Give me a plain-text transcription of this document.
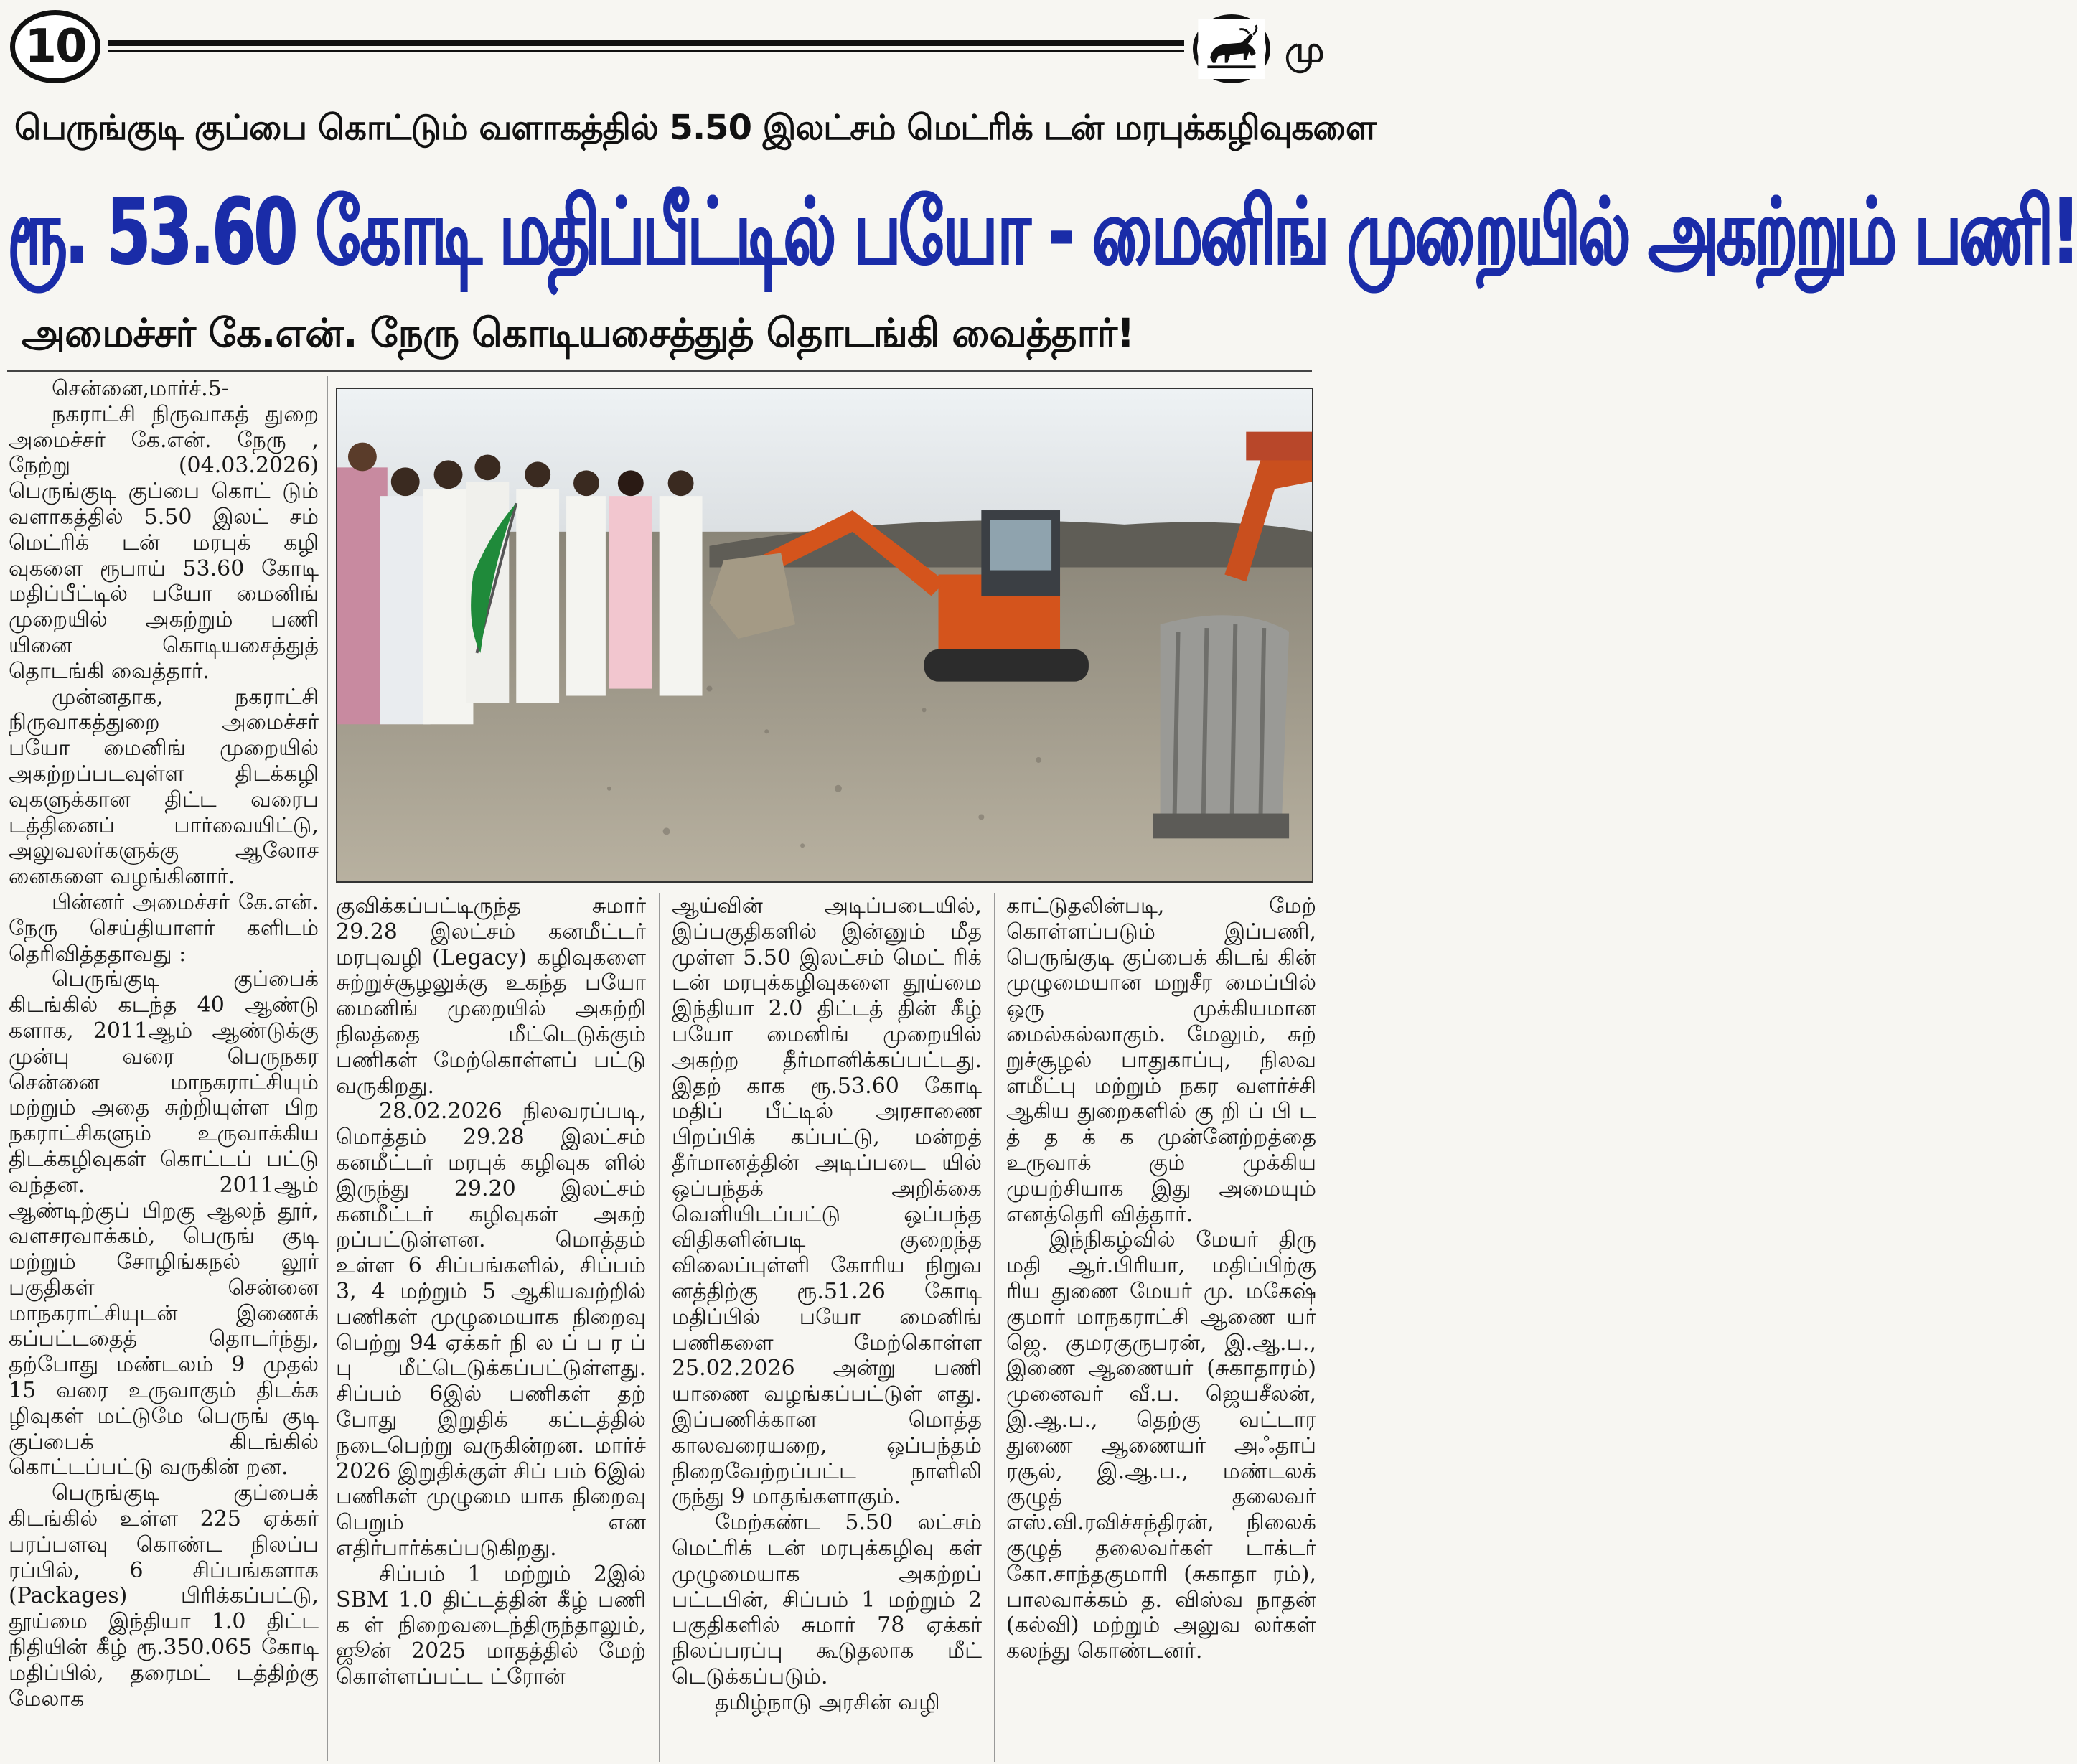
10	மு
பெருங்குடி குப்பை கொட்டும் வளாகத்தில் 5.50 இலட்சம் மெட்ரிக் டன் மரபுக்கழிவுகளை
ரூ. 53.60 கோடி மதிப்பீட்டில் பயோ - மைனிங் முறையில் அகற்றும் பணி!
அமைச்சர் கே.என். நேரு கொடியசைத்துத் தொடங்கி வைத்தார்!

சென்னை,மார்ச்.5-

நகராட்சி நிருவாகத் துறை அமைச்சர் கே.என். நேரு , நேற்று (04.03.2026) பெருங்குடி குப்பை கொட் டும் வளாகத்தில் 5.50 இலட் சம் மெட்ரிக் டன் மரபுக் கழி வுகளை ரூபாய் 53.60 கோடி மதிப்பீட்டில் பயோ மைனிங் முறையில் அகற்றும் பணி யினை கொடியசைத்துத் தொடங்கி வைத்தார்.

முன்னதாக, நகராட்சி நிருவாகத்துறை அமைச்சர் பயோ மைனிங் முறையில் அகற்றப்படவுள்ள திடக்கழி வுகளுக்கான திட்ட வரைப டத்தினைப் பார்வையிட்டு, அலுவலர்களுக்கு ஆலோச னைகளை வழங்கினார்.

பின்னர் அமைச்சர் கே.என். நேரு செய்தியாளர் களிடம் தெரிவித்ததாவது :

பெருங்குடி குப்பைக் கிடங்கில் கடந்த 40 ஆண்டு களாக, 2011ஆம் ஆண்டுக்கு முன்பு வரை பெருநகர சென்னை மாநகராட்சியும் மற்றும் அதை சுற்றியுள்ள பிற நகராட்சிகளும் உருவாக்கிய திடக்கழிவுகள் கொட்டப் பட்டு வந்தன. 2011ஆம் ஆண்டிற்குப் பிறகு ஆலந் தூர், வளசரவாக்கம், பெருங் குடி மற்றும் சோழிங்கநல் லூர் பகுதிகள் சென்னை மாநகராட்சியுடன் இணைக் கப்பட்டதைத் தொடர்ந்து, தற்போது மண்டலம் 9 முதல் 15 வரை உருவாகும் திடக்க ழிவுகள் மட்டுமே பெருங் குடி குப்பைக் கிடங்கில் கொட்டப்பட்டு வருகின் றன.

பெருங்குடி குப்பைக் கிடங்கில் உள்ள 225 ஏக்கர் பரப்பளவு கொண்ட நிலப்ப ரப்பில், 6 சிப்பங்களாக (Packages) பிரிக்கப்பட்டு, தூய்மை இந்தியா 1.0 திட்ட நிதியின் கீழ் ரூ.350.065 கோடி மதிப்பில், தரைமட் டத்திற்கு மேலாக

குவிக்கப்பட்டிருந்த சுமார் 29.28 இலட்சம் கனமீட்டர் மரபுவழி (Legacy) கழிவுகளை சுற்றுச்சூழலுக்கு உகந்த பயோ மைனிங் முறையில் அகற்றி நிலத்தை மீட்டெடுக்கும் பணிகள் மேற்கொள்ளப் பட்டு வருகிறது.

28.02.2026 நிலவரப்படி, மொத்தம் 29.28 இலட்சம் கனமீட்டர் மரபுக் கழிவுக ளில் இருந்து 29.20 இலட்சம் கனமீட்டர் கழிவுகள் அகற் றப்பட்டுள்ளன. மொத்தம் உள்ள 6 சிப்பங்களில், சிப்பம் 3, 4 மற்றும் 5 ஆகியவற்றில் பணிகள் முழுமையாக நிறைவு பெற்று 94 ஏக்கர் நி ல ப் ப ர ப் பு மீட்டெடுக்கப்பட்டுள்ளது. சிப்பம் 6இல் பணிகள் தற் போது இறுதிக் கட்டத்தில் நடைபெற்று வருகின்றன. மார்ச் 2026 இறுதிக்குள் சிப் பம் 6இல் பணிகள் முழுமை யாக நிறைவு பெறும் என எதிர்பார்க்கப்படுகிறது.

சிப்பம் 1 மற்றும் 2இல் SBM 1.0 திட்டத்தின் கீழ் பணி க ள் நிறைவடைந்திருந்தாலும், ஜூன் 2025 மாதத்தில் மேற் கொள்ளப்பட்ட ட்ரோன்

ஆய்வின் அடிப்படையில், இப்பகுதிகளில் இன்னும் மீத முள்ள 5.50 இலட்சம் மெட் ரிக் டன் மரபுக்கழிவுகளை தூய்மை இந்தியா 2.0 திட்டத் தின் கீழ் பயோ மைனிங் முறையில் அகற்ற தீர்மானிக்கப்பட்டது. இதற் காக ரூ.53.60 கோடி மதிப் பீட்டில் அரசாணை பிறப்பிக் கப்பட்டு, மன்றத் தீர்மானத்தின் அடிப்படை யில் ஒப்பந்தக் அறிக்கை வெளியிடப்பட்டு ஒப்பந்த விதிகளின்படி குறைந்த விலைப்புள்ளி கோரிய நிறுவ னத்திற்கு ரூ.51.26 கோடி மதிப்பில் பயோ மைனிங் பணிகளை மேற்கொள்ள 25.02.2026 அன்று பணி யாணை வழங்கப்பட்டுள் ளது. இப்பணிக்கான மொத்த காலவரையறை, ஒப்பந்தம் நிறைவேற்றப்பட்ட நாளிலி ருந்து 9 மாதங்களாகும்.

மேற்கண்ட 5.50 லட்சம் மெட்ரிக் டன் மரபுக்கழிவு கள் முழுமையாக அகற்றப் பட்டபின், சிப்பம் 1 மற்றும் 2 பகுதிகளில் சுமார் 78 ஏக்கர் நிலப்பரப்பு கூடுதலாக மீட் டெடுக்கப்படும்.

தமிழ்நாடு அரசின் வழி

காட்டுதலின்படி, மேற் கொள்ளப்படும் இப்பணி, பெருங்குடி குப்பைக் கிடங் கின் முழுமையான மறுசீர மைப்பில் ஒரு முக்கியமான மைல்கல்லாகும். மேலும், சுற் றுச்சூழல் பாதுகாப்பு, நிலவ ளமீட்பு மற்றும் நகர வளர்ச்சி ஆகிய துறைகளில் கு றி ப் பி ட த் த க் க முன்னேற்றத்தை உருவாக் கும் முக்கிய முயற்சியாக இது அமையும் எனத்தெரி வித்தார்.

இந்நிகழ்வில் மேயர் திரு மதி ஆர்.பிரியா, மதிப்பிற்கு ரிய துணை மேயர் மு. மகேஷ் குமார் மாநகராட்சி ஆணை யர் ஜெ. குமரகுருபரன், இ.ஆ.ப., இணை ஆணையர் (சுகாதாரம்) முனைவர் வீ.ப. ஜெயசீலன், இ.ஆ.ப., தெற்கு வட்டார துணை ஆணையர் அஃதாப் ரசூல், இ.ஆ.ப., மண்டலக் குழுத் தலைவர் எஸ்.வி.ரவிச்சந்திரன், நிலைக் குழுத் தலைவர்கள் டாக்டர் கோ.சாந்தகுமாரி (சுகாதா ரம்), பாலவாக்கம் த. விஸ்வ நாதன் (கல்வி) மற்றும் அலுவ லர்கள் கலந்து கொண்டனர்.
